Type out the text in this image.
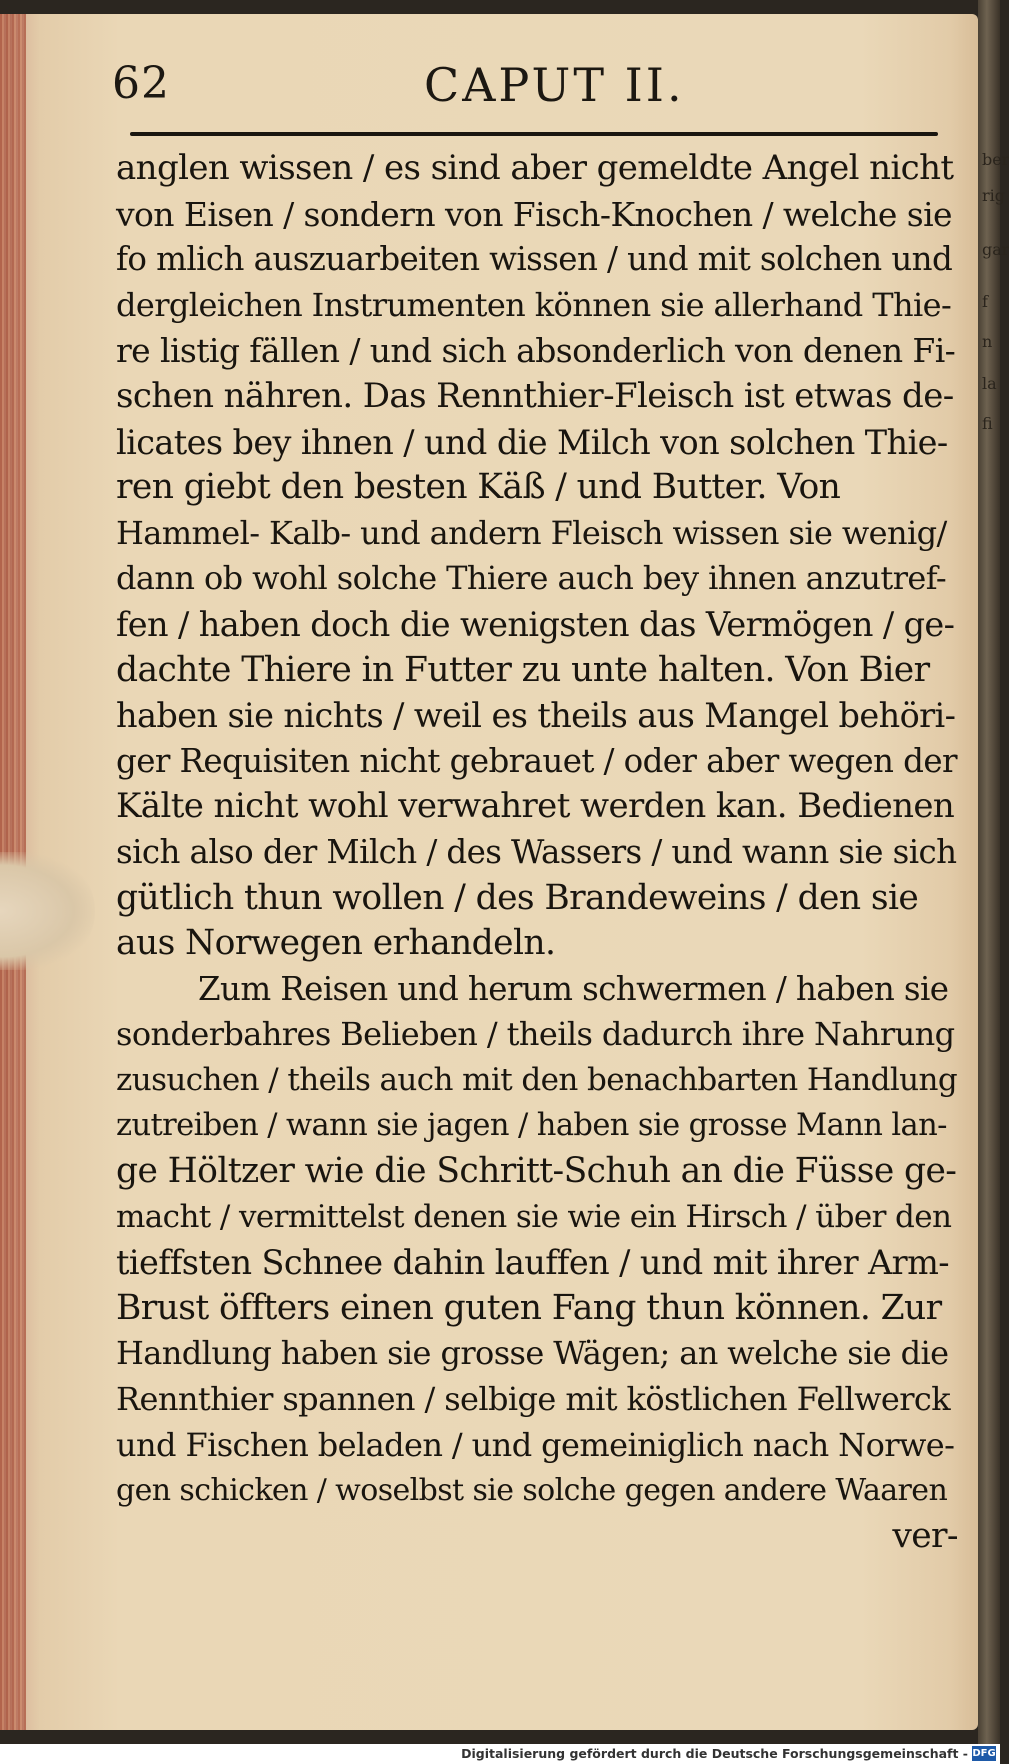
ber
rig
gar
f
n
la
fi
62	CAPUT II.
anglen wissen / es sind aber gemeldte Angel nicht
von Eisen / sondern von Fisch-Knochen / welche sie
fo mlich auszuarbeiten wissen / und mit solchen und
dergleichen Instrumenten können sie allerhand Thie-
re listig fällen / und sich absonderlich von denen Fi-
schen nähren. Das Rennthier-Fleisch ist etwas de-
licates bey ihnen / und die Milch von solchen Thie-
ren giebt den besten Käß / und Butter. Von
Hammel- Kalb- und andern Fleisch wissen sie wenig/
dann ob wohl solche Thiere auch bey ihnen anzutref-
fen / haben doch die wenigsten das Vermögen / ge-
dachte Thiere in Futter zu unte halten. Von Bier
haben sie nichts / weil es theils aus Mangel behöri-
ger Requisiten nicht gebrauet / oder aber wegen der
Kälte nicht wohl verwahret werden kan. Bedienen
sich also der Milch / des Wassers / und wann sie sich
gütlich thun wollen / des Brandeweins / den sie
aus Norwegen erhandeln.
Zum Reisen und herum schwermen / haben sie
sonderbahres Belieben / theils dadurch ihre Nahrung
zusuchen / theils auch mit den benachbarten Handlung
zutreiben / wann sie jagen / haben sie grosse Mann lan-
ge Höltzer wie die Schritt-Schuh an die Füsse ge-
macht / vermittelst denen sie wie ein Hirsch / über den
tieffsten Schnee dahin lauffen / und mit ihrer Arm-
Brust öffters einen guten Fang thun können. Zur
Handlung haben sie grosse Wägen; an welche sie die
Rennthier spannen / selbige mit köstlichen Fellwerck
und Fischen beladen / und gemeiniglich nach Norwe-
gen schicken / woselbst sie solche gegen andere Waaren
ver-
Digitalisierung gefördert durch die Deutsche Forschungsgemeinschaft - DFG
